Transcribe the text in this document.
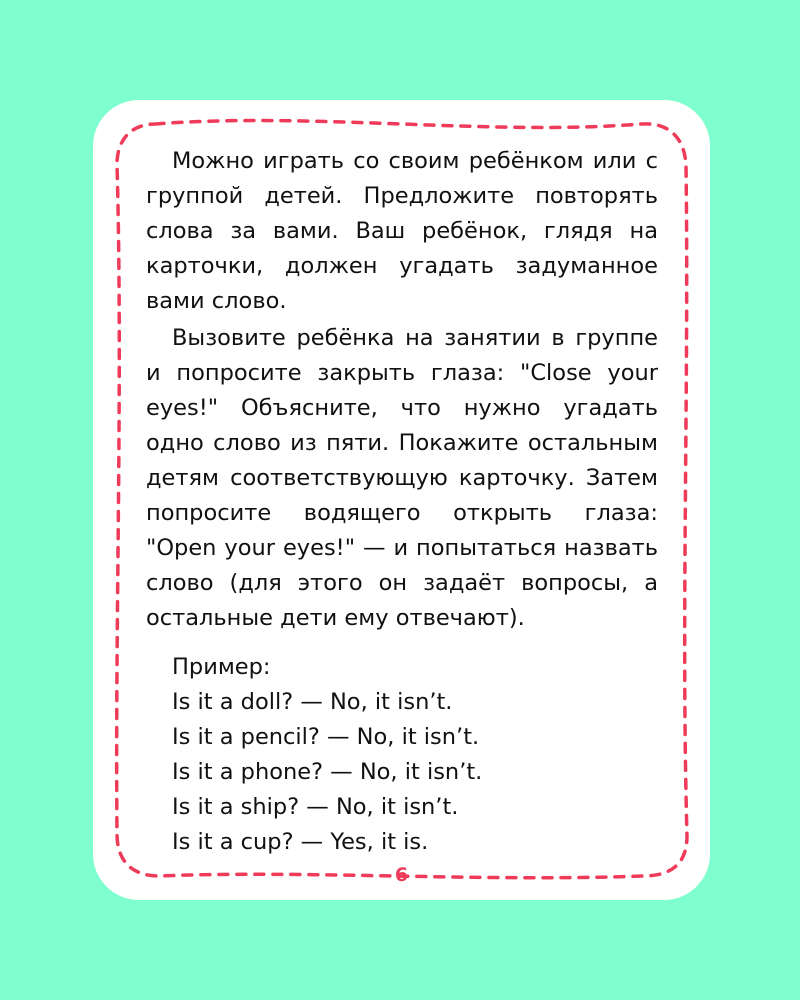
Можно играть со своим ребёнком или с группой детей. Предложите повторять слова за вами. Ваш ребёнок, глядя на карточки, должен угадать задуманное вами слово.

Вызовите ребёнка на занятии в группе и попросите закрыть глаза: "Close your eyes!" Объясните, что нужно угадать одно слово из пяти. Покажите остальным детям соответствующую карточку. Затем попросите водящего открыть глаза: "Open your eyes!" — и попытаться назвать слово (для этого он задаёт вопросы, а остальные дети ему отвечают).

Пример:
Is it a doll? — No, it isn’t.
Is it a pencil? — No, it isn’t.
Is it a phone? — No, it isn’t.
Is it a ship? — No, it isn’t.
Is it a cup? — Yes, it is.
6
